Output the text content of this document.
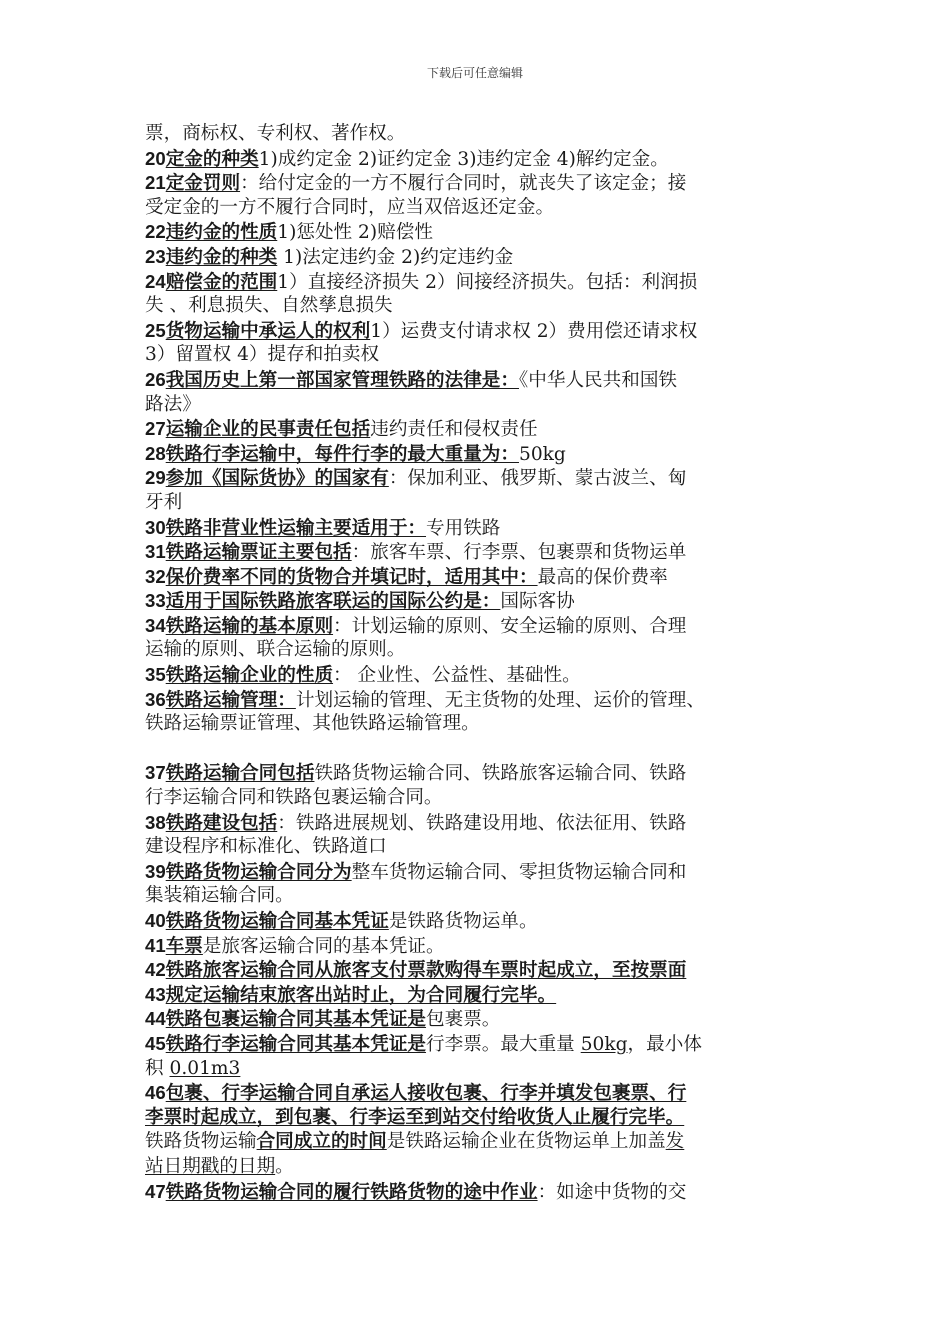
下载后可任意编辑
票，商标权、专利权、著作权。
20定金的种类1)成约定金 2)证约定金 3)违约定金 4)解约定金。
21定金罚则：给付定金的一方不履行合同时，就丧失了该定金；接
受定金的一方不履行合同时，应当双倍返还定金。
22违约金的性质1)惩处性 2)赔偿性
23违约金的种类 1)法定违约金 2)约定违约金
24赔偿金的范围1）直接经济损失 2）间接经济损失。包括：利润损
失 、利息损失、自然孳息损失
25货物运输中承运人的权利1）运费支付请求权 2）费用偿还请求权
3）留置权 4）提存和拍卖权
26我国历史上第一部国家管理铁路的法律是：《中华人民共和国铁
路法》
27运输企业的民事责任包括违约责任和侵权责任
28铁路行李运输中，每件行李的最大重量为：50kg
29参加《国际货协》的国家有：保加利亚、俄罗斯、蒙古波兰、匈
牙利
30铁路非营业性运输主要适用于：专用铁路
31铁路运输票证主要包括：旅客车票、行李票、包裹票和货物运单
32保价费率不同的货物合并填记时，适用其中：最高的保价费率
33适用于国际铁路旅客联运的国际公约是：国际客协
34铁路运输的基本原则：计划运输的原则、安全运输的原则、合理
运输的原则、联合运输的原则。
35铁路运输企业的性质： 企业性、公益性、基础性。
36铁路运输管理：计划运输的管理、无主货物的处理、运价的管理、
铁路运输票证管理、其他铁路运输管理。
37铁路运输合同包括铁路货物运输合同、铁路旅客运输合同、铁路
行李运输合同和铁路包裹运输合同。
38铁路建设包括：铁路进展规划、铁路建设用地、依法征用、铁路
建设程序和标准化、铁路道口
39铁路货物运输合同分为整车货物运输合同、零担货物运输合同和
集装箱运输合同。
40铁路货物运输合同基本凭证是铁路货物运单。
41车票是旅客运输合同的基本凭证。
42铁路旅客运输合同从旅客支付票款购得车票时起成立，至按票面
43规定运输结束旅客出站时止，为合同履行完毕。
44铁路包裹运输合同其基本凭证是包裹票。
45铁路行李运输合同其基本凭证是行李票。最大重量 50kg，最小体
积 0.01m3
46包裹、行李运输合同自承运人接收包裹、行李并填发包裹票、行
李票时起成立，到包裹、行李运至到站交付给收货人止履行完毕。
铁路货物运输合同成立的时间是铁路运输企业在货物运单上加盖发
站日期戳的日期。
47铁路货物运输合同的履行铁路货物的途中作业：如途中货物的交
